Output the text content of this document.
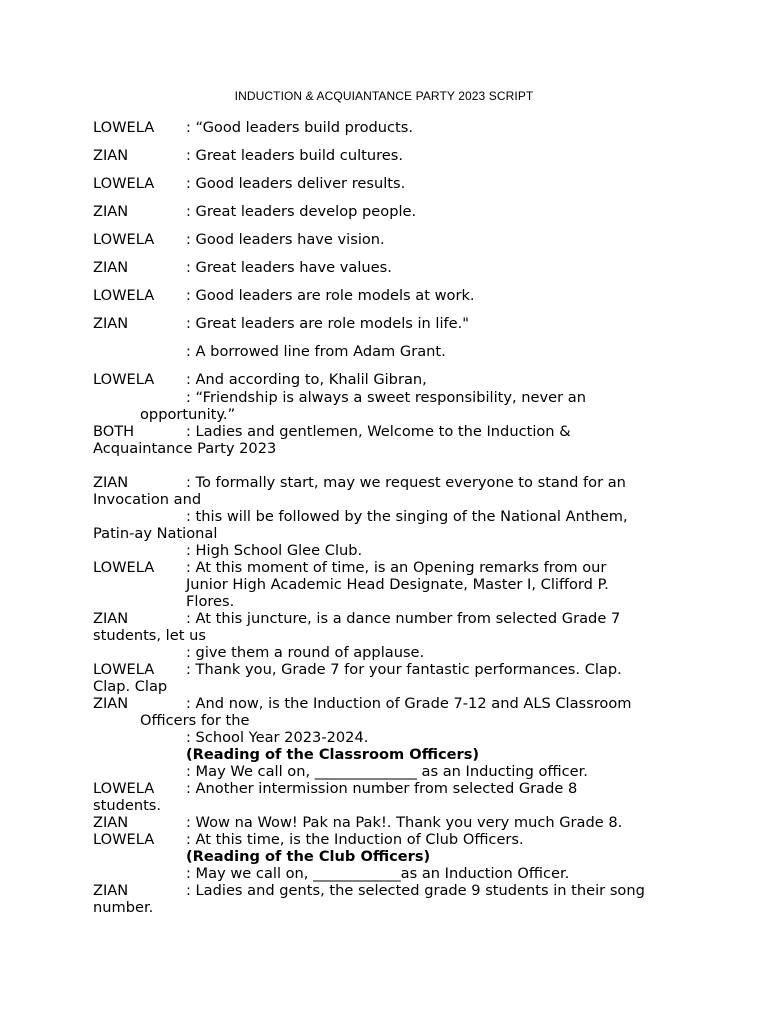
INDUCTION & ACQUIANTANCE PARTY 2023 SCRIPT
LOWELA : “Good leaders build products.
ZIAN	: Great leaders build cultures.
LOWELA : Good leaders deliver results.
ZIAN	: Great leaders develop people.
LOWELA : Good leaders have vision.
ZIAN	: Great leaders have values.
LOWELA : Good leaders are role models at work.
ZIAN	: Great leaders are role models in life."
: A borrowed line from Adam Grant.
LOWELA : And according to, Khalil Gibran,
: “Friendship is always a sweet responsibility, never an
opportunity.”
BOTH	: Ladies and gentlemen, Welcome to the Induction &
Acquaintance Party 2023
ZIAN	: To formally start, may we request everyone to stand for an
Invocation and
: this will be followed by the singing of the National Anthem,
Patin-ay National
: High School Glee Club.
LOWELA : At this moment of time, is an Opening remarks from our
Junior High Academic Head Designate, Master I, Clifford P.
Flores.
ZIAN	: At this juncture, is a dance number from selected Grade 7
students, let us
: give them a round of applause.
LOWELA : Thank you, Grade 7 for your fantastic performances. Clap.
Clap. Clap
ZIAN	: And now, is the Induction of Grade 7-12 and ALS Classroom
Officers for the
: School Year 2023-2024.
(Reading of the Classroom Officers)
: May We call on, ______________ as an Inducting officer.
LOWELA : Another intermission number from selected Grade 8
students.
ZIAN	: Wow na Wow! Pak na Pak!. Thank you very much Grade 8.
LOWELA : At this time, is the Induction of Club Officers.
(Reading of the Club Officers)
: May we call on, ____________as an Induction Officer.
ZIAN	: Ladies and gents, the selected grade 9 students in their song
number.
